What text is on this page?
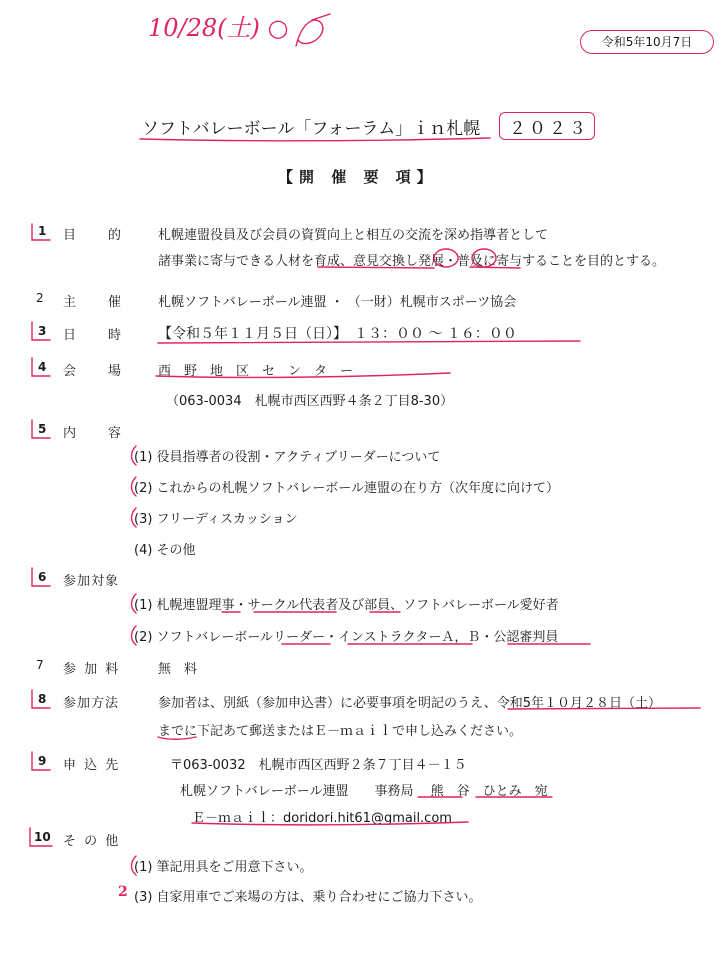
10/28(土) ○	令和5年10月7日
ソフトバレーボール「フォーラム」ｉｎ札幌 ２０２３
【開 催 要 項】
1 目　　的	札幌連盟役員及び会員の資質向上と相互の交流を深め指導者として
諸事業に寄与できる人材を育成、意見交換し発展・普及に寄与することを目的とする。
2 主　　催	札幌ソフトバレーボール連盟 ・ （一財）札幌市スポーツ協会
3 日　　時 【令和５年１１月５日（日）】　１３：００ ～ １６：００
4 会　　場	西　野　地　区　セ　ン　タ　ー
（063-0034　札幌市西区西野４条２丁目8-30）
5 内　　容
(1) 役員指導者の役割・アクティブリーダーについて
(2) これからの札幌ソフトバレーボール連盟の在り方（次年度に向けて）
(3) フリーディスカッション
(4) その他
6 参加対象
(1) 札幌連盟理事・サークル代表者及び部員、ソフトバレーボール愛好者
(2) ソフトバレーボールリーダー・インストラクターＡ，Ｂ・公認審判員
7 参 加 料	無　料
8 参加方法	参加者は、別紙（参加申込書）に必要事項を明記のうえ、令和5年１０月２８日（土）
までに下記あて郵送またはＥ－ｍａｉｌで申し込みください。
9 申 込 先	〒063-0032　札幌市西区西野２条７丁目４－１５
札幌ソフトバレーボール連盟　　事務局　 熊　谷　ひとみ　宛
Ｅ－ｍａｉｌ：doridori.hit61@gmail.com
10 そ の 他
(1) 筆記用具をご用意下さい。
2 (3) 自家用車でご来場の方は、乗り合わせにご協力下さい。
